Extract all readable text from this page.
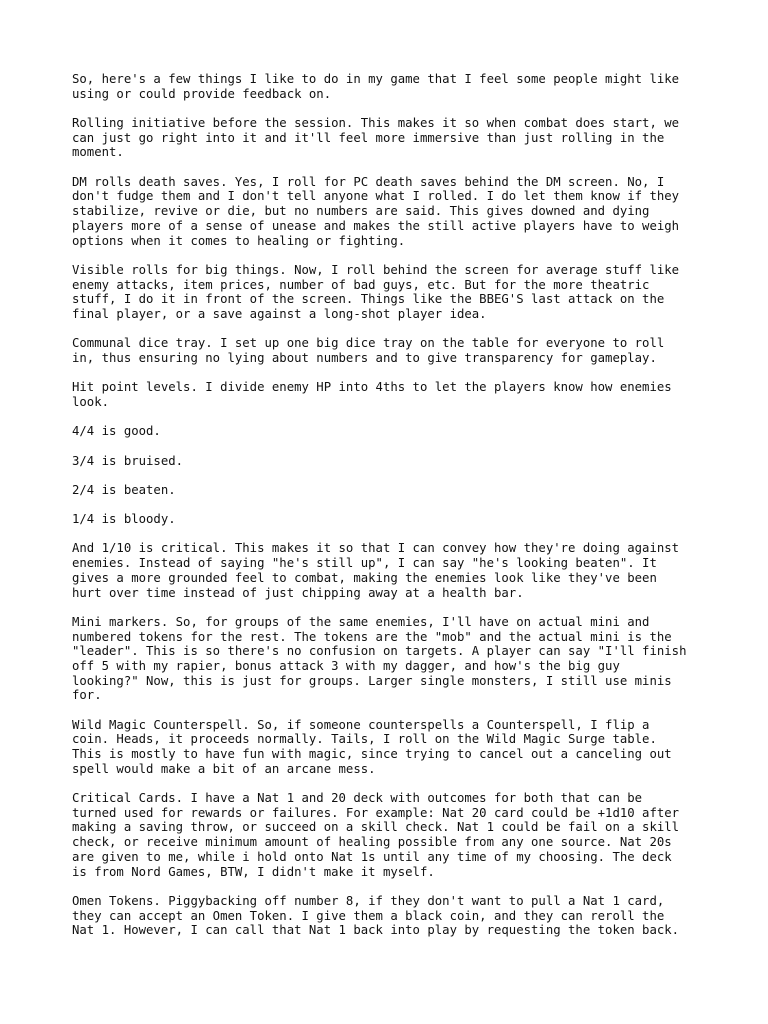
So, here's a few things I like to do in my game that I feel some people might like
using or could provide feedback on.

Rolling initiative before the session. This makes it so when combat does start, we
can just go right into it and it'll feel more immersive than just rolling in the
moment.

DM rolls death saves. Yes, I roll for PC death saves behind the DM screen. No, I
don't fudge them and I don't tell anyone what I rolled. I do let them know if they
stabilize, revive or die, but no numbers are said. This gives downed and dying
players more of a sense of unease and makes the still active players have to weigh
options when it comes to healing or fighting.

Visible rolls for big things. Now, I roll behind the screen for average stuff like
enemy attacks, item prices, number of bad guys, etc. But for the more theatric
stuff, I do it in front of the screen. Things like the BBEG'S last attack on the
final player, or a save against a long-shot player idea.

Communal dice tray. I set up one big dice tray on the table for everyone to roll
in, thus ensuring no lying about numbers and to give transparency for gameplay.

Hit point levels. I divide enemy HP into 4ths to let the players know how enemies
look.

4/4 is good.

3/4 is bruised.

2/4 is beaten.

1/4 is bloody.

And 1/10 is critical. This makes it so that I can convey how they're doing against
enemies. Instead of saying "he's still up", I can say "he's looking beaten". It
gives a more grounded feel to combat, making the enemies look like they've been
hurt over time instead of just chipping away at a health bar.

Mini markers. So, for groups of the same enemies, I'll have on actual mini and
numbered tokens for the rest. The tokens are the "mob" and the actual mini is the
"leader". This is so there's no confusion on targets. A player can say "I'll finish
off 5 with my rapier, bonus attack 3 with my dagger, and how's the big guy
looking?" Now, this is just for groups. Larger single monsters, I still use minis
for.

Wild Magic Counterspell. So, if someone counterspells a Counterspell, I flip a
coin. Heads, it proceeds normally. Tails, I roll on the Wild Magic Surge table.
This is mostly to have fun with magic, since trying to cancel out a canceling out
spell would make a bit of an arcane mess.

Critical Cards. I have a Nat 1 and 20 deck with outcomes for both that can be
turned used for rewards or failures. For example: Nat 20 card could be +1d10 after
making a saving throw, or succeed on a skill check. Nat 1 could be fail on a skill
check, or receive minimum amount of healing possible from any one source. Nat 20s
are given to me, while i hold onto Nat 1s until any time of my choosing. The deck
is from Nord Games, BTW, I didn't make it myself.

Omen Tokens. Piggybacking off number 8, if they don't want to pull a Nat 1 card,
they can accept an Omen Token. I give them a black coin, and they can reroll the
Nat 1. However, I can call that Nat 1 back into play by requesting the token back.
